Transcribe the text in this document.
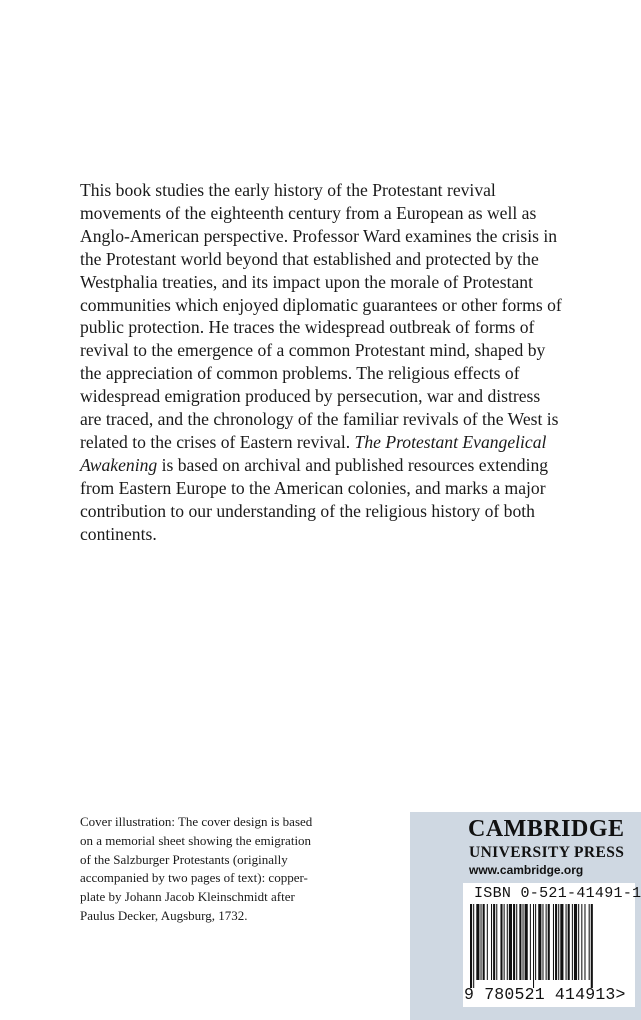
This book studies the early history of the Protestant revival
movements of the eighteenth century from a European as well as
Anglo-American perspective. Professor Ward examines the crisis in
the Protestant world beyond that established and protected by the
Westphalia treaties, and its impact upon the morale of Protestant
communities which enjoyed diplomatic guarantees or other forms of
public protection. He traces the widespread outbreak of forms of
revival to the emergence of a common Protestant mind, shaped by
the appreciation of common problems. The religious effects of
widespread emigration produced by persecution, war and distress
are traced, and the chronology of the familiar revivals of the West is
related to the crises of Eastern revival. The Protestant Evangelical
Awakening is based on archival and published resources extending
from Eastern Europe to the American colonies, and marks a major
contribution to our understanding of the religious history of both
continents.
Cover illustration: The cover design is based
on a memorial sheet showing the emigration
of the Salzburger Protestants (originally
accompanied by two pages of text): copper-
plate by Johann Jacob Kleinschmidt after
Paulus Decker, Augsburg, 1732.
CAMBRIDGE
UNIVERSITY PRESS
www.cambridge.org
ISBN 0-521-41491-1
9 780521 414913>
